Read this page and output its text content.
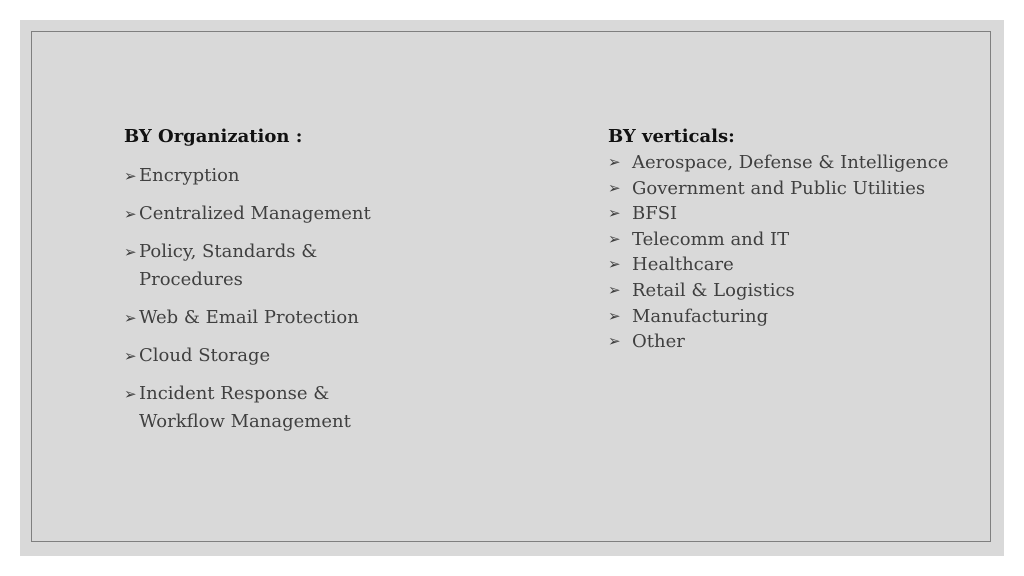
BY Organization :

➢ Encryption
➢ Centralized Management
➢ Policy, Standards & Procedures
➢ Web & Email Protection
➢ Cloud Storage
➢ Incident Response & Workflow Management

BY verticals:

➢ Aerospace, Defense & Intelligence
➢ Government and Public Utilities
➢ BFSI
➢ Telecomm and IT
➢ Healthcare
➢ Retail & Logistics
➢ Manufacturing
➢ Other
